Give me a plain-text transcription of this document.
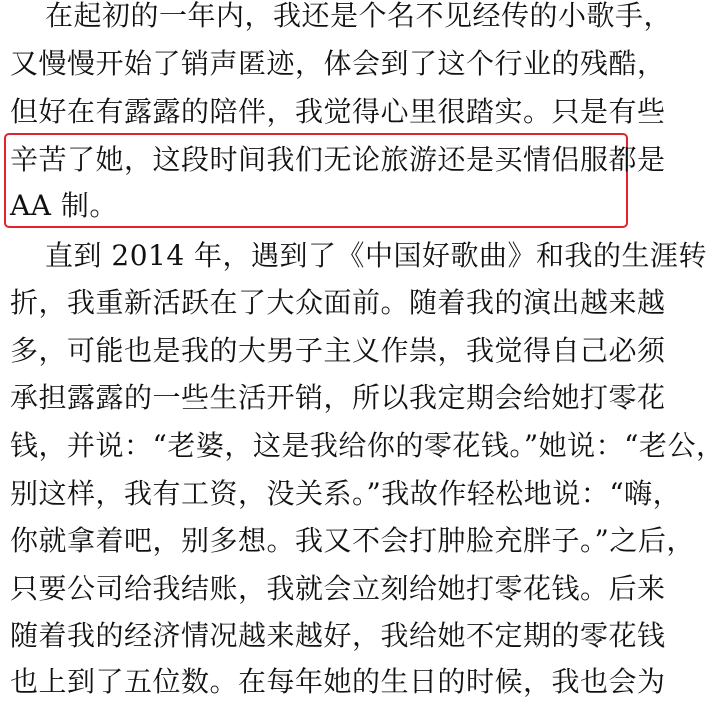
在起初的一年内，我还是个名不见经传的小歌手，
又慢慢开始了销声匿迹，体会到了这个行业的残酷，
但好在有露露的陪伴，我觉得心里很踏实。只是有些
辛苦了她，这段时间我们无论旅游还是买情侣服都是
AA 制。
直到 2014 年，遇到了《中国好歌曲》和我的生涯转
折，我重新活跃在了大众面前。随着我的演出越来越
多，可能也是我的大男子主义作祟，我觉得自己必须
承担露露的一些生活开销，所以我定期会给她打零花
钱，并说：“老婆，这是我给你的零花钱。”她说：“老公，
别这样，我有工资，没关系。”我故作轻松地说：“嗨，
你就拿着吧，别多想。我又不会打肿脸充胖子。”之后，
只要公司给我结账，我就会立刻给她打零花钱。后来
随着我的经济情况越来越好，我给她不定期的零花钱
也上到了五位数。在每年她的生日的时候，我也会为
